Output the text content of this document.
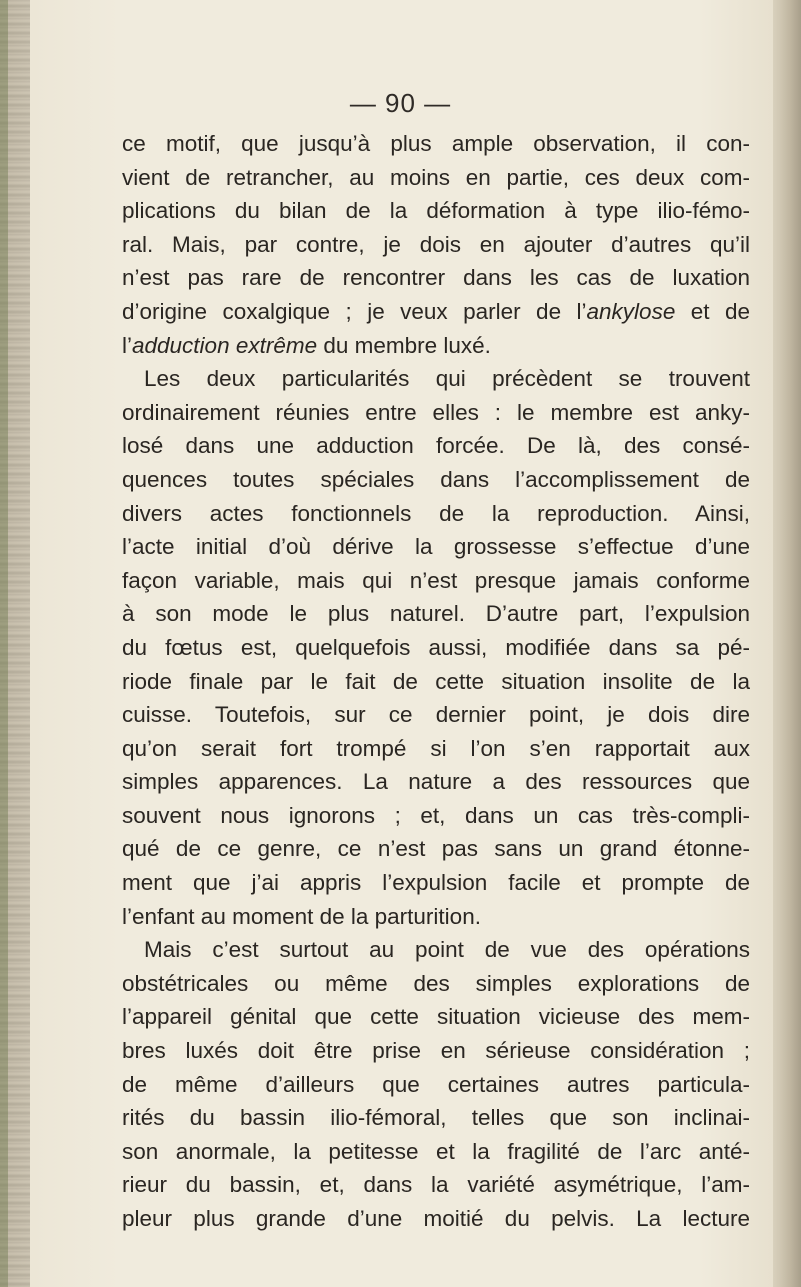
— 90 —
ce motif, que jusqu’à plus ample observation, il con-
vient de retrancher, au moins en partie, ces deux com-
plications du bilan de la déformation à type ilio-fémo-
ral. Mais, par contre, je dois en ajouter d’autres qu’il
n’est pas rare de rencontrer dans les cas de luxation
d’origine coxalgique ; je veux parler de l’ankylose et de
l’adduction extrême du membre luxé.
Les deux particularités qui précèdent se trouvent
ordinairement réunies entre elles : le membre est anky-
losé dans une adduction forcée. De là, des consé-
quences toutes spéciales dans l’accomplissement de
divers actes fonctionnels de la reproduction. Ainsi,
l’acte initial d’où dérive la grossesse s’effectue d’une
façon variable, mais qui n’est presque jamais conforme
à son mode le plus naturel. D’autre part, l’expulsion
du fœtus est, quelquefois aussi, modifiée dans sa pé-
riode finale par le fait de cette situation insolite de la
cuisse. Toutefois, sur ce dernier point, je dois dire
qu’on serait fort trompé si l’on s’en rapportait aux
simples apparences. La nature a des ressources que
souvent nous ignorons ; et, dans un cas très-compli-
qué de ce genre, ce n’est pas sans un grand étonne-
ment que j’ai appris l’expulsion facile et prompte de
l’enfant au moment de la parturition.
Mais c’est surtout au point de vue des opérations
obstétricales ou même des simples explorations de
l’appareil génital que cette situation vicieuse des mem-
bres luxés doit être prise en sérieuse considération ;
de même d’ailleurs que certaines autres particula-
rités du bassin ilio-fémoral, telles que son inclinai-
son anormale, la petitesse et la fragilité de l’arc anté-
rieur du bassin, et, dans la variété asymétrique, l’am-
pleur plus grande d’une moitié du pelvis. La lecture
